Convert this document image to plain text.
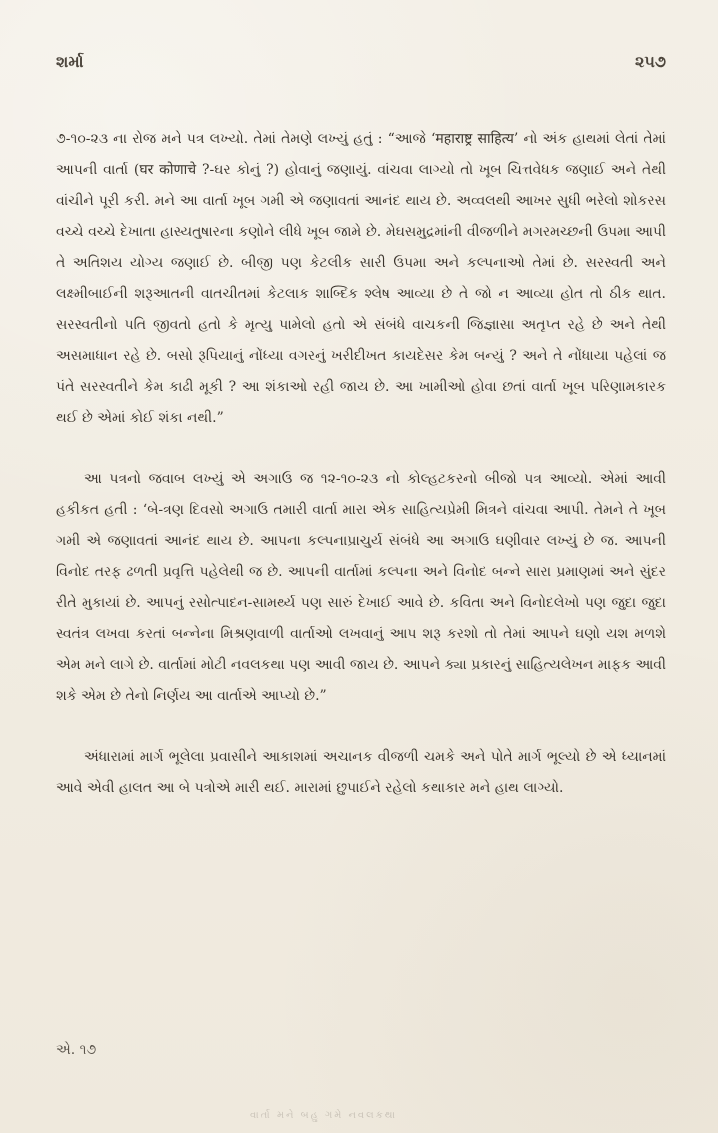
શર્મા	૨૫૭

૭-૧૦-૨૩ ના રોજ મને પત્ર લખ્યો. તેમાં તેમણે લખ્યું હતું : “આજે ‘महाराष्ट्र साहित्य’ નો અંક હાથમાં લેતાં તેમાં આપની વાર્તા (घर कोणाचे ?-ઘર કોનું ?) હોવાનું જણાયું. વાંચવા લાગ્યો તો ખૂબ ચિત્તવેધક જણાઈ અને તેથી વાંચીને પૂરી કરી. મને આ વાર્તા ખૂબ ગમી એ જણાવતાં આનંદ થાય છે. અવ્વલથી આખર સુધી ભરેલો શોકરસ વચ્ચે વચ્ચે દેખાતા હાસ્યતુષારના કણોને લીધે ખૂબ જામે છે. મેઘસમુદ્રમાંની વીજળીને મગરમચ્છની ઉપમા આપી તે અતિશય યોગ્ય જણાઈ છે. બીજી પણ કેટલીક સારી ઉપમા અને કલ્પનાઓ તેમાં છે. સરસ્વતી અને લક્ષ્મીબાઈની શરૂઆતની વાતચીતમાં કેટલાક શાબ્દિક શ્લેષ આવ્યા છે તે જો ન આવ્યા હોત તો ઠીક થાત. સરસ્વતીનો પતિ જીવતો હતો કે મૃત્યુ પામેલો હતો એ સંબંધે વાચકની જિજ્ઞાસા અતૃપ્ત રહે છે અને તેથી અસમાધાન રહે છે. બસો રૂપિયાનું નોંધ્યા વગરનું ખરીદીખત કાયદેસર કેમ બન્યું ? અને તે નોંધાયા પહેલાં જ પંતે સરસ્વતીને કેમ કાઢી મૂકી ? આ શંકાઓ રહી જાય છે. આ ખામીઓ હોવા છતાં વાર્તા ખૂબ પરિણામકારક થઈ છે એમાં કોઈ શંકા નથી.”

આ પત્રનો જવાબ લખ્યું એ અગાઉ જ ૧૨-૧૦-૨૩ નો કોલ્હટકરનો બીજો પત્ર આવ્યો. એમાં આવી હકીકત હતી : ‘બે-ત્રણ દિવસો અગાઉ તમારી વાર્તા મારા એક સાહિત્યપ્રેમી મિત્રને વાંચવા આપી. તેમને તે ખૂબ ગમી એ જણાવતાં આનંદ થાય છે. આપના કલ્પનાપ્રાચુર્ય સંબંધે આ અગાઉ ઘણીવાર લખ્યું છે જ. આપની વિનોદ તરફ ઢળતી પ્રવૃત્તિ પહેલેથી જ છે. આપની વાર્તામાં કલ્પના અને વિનોદ બન્ને સારા પ્રમાણમાં અને સુંદર રીતે મુકાયાં છે. આપનું રસોત્પાદન-સામર્થ્ય પણ સારું દેખાઈ આવે છે. કવિતા અને વિનોદલેખો પણ જુદા જુદા સ્વતંત્ર લખવા કરતાં બન્નેના મિશ્રણવાળી વાર્તાઓ લખવાનું આપ શરૂ કરશો તો તેમાં આપને ઘણો યશ મળશે એમ મને લાગે છે. વાર્તામાં મોટી નવલકથા પણ આવી જાય છે. આપને ક્યા પ્રકારનું સાહિત્યલેખન માફક આવી શકે એમ છે તેનો નિર્ણય આ વાર્તાએ આપ્યો છે.”

અંધારામાં માર્ગ ભૂલેલા પ્રવાસીને આકાશમાં અચાનક વીજળી ચમકે અને પોતે માર્ગ ભૂલ્યો છે એ ધ્યાનમાં આવે એવી હાલત આ બે પત્રોએ મારી થઈ. મારામાં છુપાઈને રહેલો કથાકાર મને હાથ લાગ્યો.

એ. ૧૭
વાર્તા મને બહુ ગમે નવલકથા
